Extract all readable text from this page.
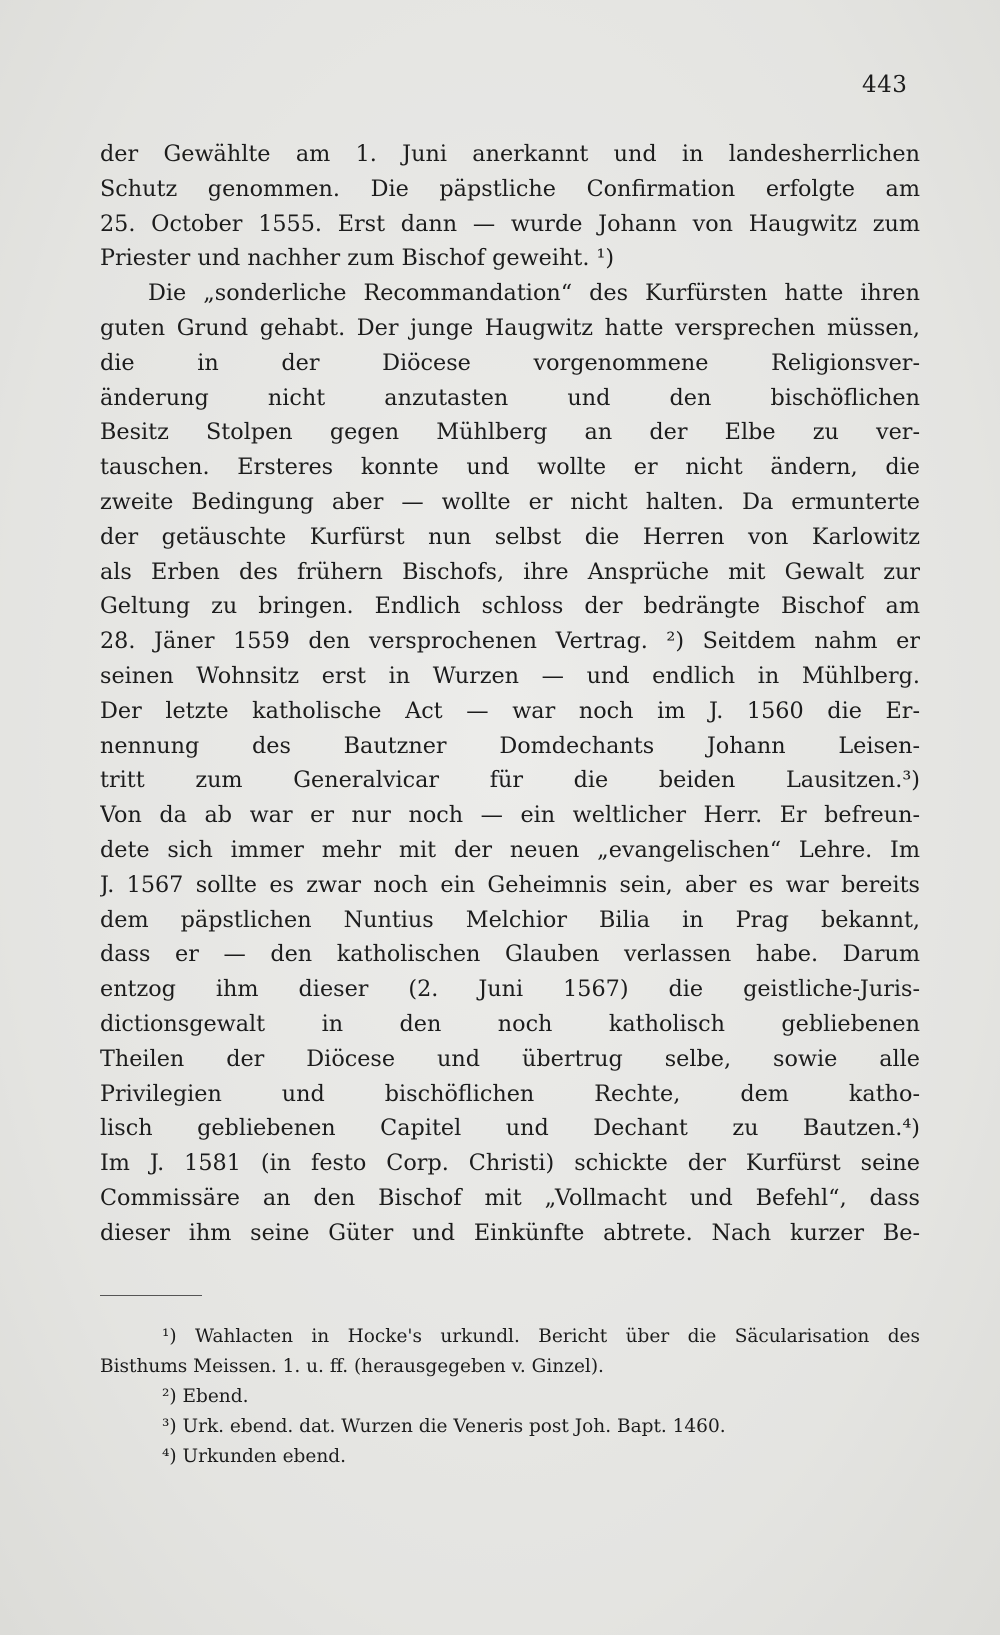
443
der Gewählte am 1. Juni anerkannt und in landesherrlichen
Schutz genommen. Die päpstliche Confirmation erfolgte am
25. October 1555. Erst dann — wurde Johann von Haugwitz zum
Priester und nachher zum Bischof geweiht. ¹)
Die „sonderliche Recommandation“ des Kurfürsten hatte ihren
guten Grund gehabt. Der junge Haugwitz hatte versprechen müssen,
die in der Diöcese vorgenommene Religionsver-
änderung nicht anzutasten und den bischöflichen
Besitz Stolpen gegen Mühlberg an der Elbe zu ver-
tauschen. Ersteres konnte und wollte er nicht ändern, die
zweite Bedingung aber — wollte er nicht halten. Da ermunterte
der getäuschte Kurfürst nun selbst die Herren von Karlowitz
als Erben des frühern Bischofs, ihre Ansprüche mit Gewalt zur
Geltung zu bringen. Endlich schloss der bedrängte Bischof am
28. Jäner 1559 den versprochenen Vertrag. ²) Seitdem nahm er
seinen Wohnsitz erst in Wurzen — und endlich in Mühlberg.
Der letzte katholische Act — war noch im J. 1560 die Er-
nennung des Bautzner Domdechants Johann Leisen-
tritt zum Generalvicar für die beiden Lausitzen.³)
Von da ab war er nur noch — ein weltlicher Herr. Er befreun-
dete sich immer mehr mit der neuen „evangelischen“ Lehre. Im
J. 1567 sollte es zwar noch ein Geheimnis sein, aber es war bereits
dem päpstlichen Nuntius Melchior Bilia in Prag bekannt,
dass er — den katholischen Glauben verlassen habe. Darum
entzog ihm dieser (2. Juni 1567) die geistliche-Juris-
dictionsgewalt in den noch katholisch gebliebenen
Theilen der Diöcese und übertrug selbe, sowie alle
Privilegien und bischöflichen Rechte, dem katho-
lisch gebliebenen Capitel und Dechant zu Bautzen.⁴)
Im J. 1581 (in festo Corp. Christi) schickte der Kurfürst seine
Commissäre an den Bischof mit „Vollmacht und Befehl“, dass
dieser ihm seine Güter und Einkünfte abtrete. Nach kurzer Be-
¹) Wahlacten in Hocke's urkundl. Bericht über die Säcularisation des
Bisthums Meissen. 1. u. ff. (herausgegeben v. Ginzel).
²) Ebend.
³) Urk. ebend. dat. Wurzen die Veneris post Joh. Bapt. 1460.
⁴) Urkunden ebend.
